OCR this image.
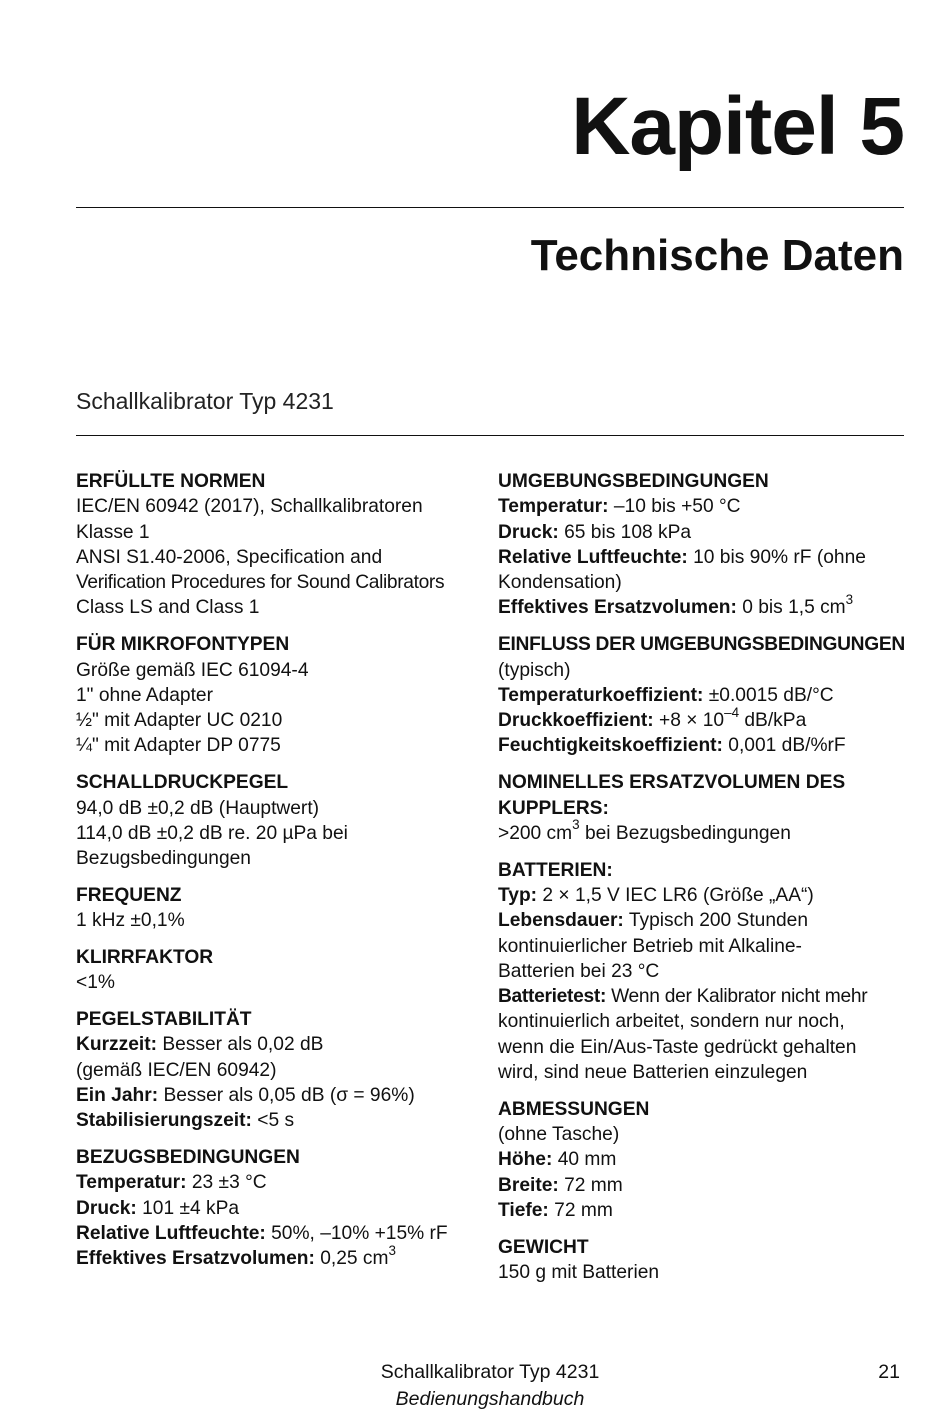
Kapitel 5
Technische Daten
Schallkalibrator Typ 4231
ERFÜLLTE NORMEN
IEC/EN 60942 (2017), Schallkalibratoren
Klasse 1
ANSI S1.40-2006, Specification and
Verification Procedures for Sound Calibrators
Class LS and Class 1
FÜR MIKROFONTYPEN
Größe gemäß IEC 61094-4
1" ohne Adapter
½" mit Adapter UC 0210
¼" mit Adapter DP 0775
SCHALLDRUCKPEGEL
94,0 dB ±0,2 dB (Hauptwert)
114,0 dB ±0,2 dB re. 20 µPa bei
Bezugsbedingungen
FREQUENZ
1 kHz ±0,1%
KLIRRFAKTOR
<1%
PEGELSTABILITÄT
Kurzzeit: Besser als 0,02 dB
(gemäß IEC/EN 60942)
Ein Jahr: Besser als 0,05 dB (σ = 96%)
Stabilisierungszeit: <5 s
BEZUGSBEDINGUNGEN
Temperatur: 23 ±3 °C
Druck: 101 ±4 kPa
Relative Luftfeuchte: 50%, –10% +15% rF
Effektives Ersatzvolumen: 0,25 $cm^3$
UMGEBUNGSBEDINGUNGEN
Temperatur: –10 bis +50 °C
Druck: 65 bis 108 kPa
Relative Luftfeuchte: 10 bis 90% rF (ohne
Kondensation)
Effektives Ersatzvolumen: 0 bis 1,5 $cm^3$
EINFLUSS DER UMGEBUNGSBEDINGUNGEN
(typisch)
Temperaturkoeffizient: ±0.0015 dB/°C
Druckkoeffizient: $+8 \times 10^{-4}$ dB/kPa
Feuchtigkeitskoeffizient: 0,001 dB/%rF
NOMINELLES ERSATZVOLUMEN DES
KUPPLERS:
>200 $cm^3$ bei Bezugsbedingungen
BATTERIEN:
Typ: 2 × 1,5 V IEC LR6 (Größe „AA“)
Lebensdauer: Typisch 200 Stunden
kontinuierlicher Betrieb mit Alkaline-
Batterien bei 23 °C
Batterietest: Wenn der Kalibrator nicht mehr
kontinuierlich arbeitet, sondern nur noch,
wenn die Ein/Aus-Taste gedrückt gehalten
wird, sind neue Batterien einzulegen
ABMESSUNGEN
(ohne Tasche)
Höhe: 40 mm
Breite: 72 mm
Tiefe: 72 mm
GEWICHT
150 g mit Batterien
Schallkalibrator Typ 4231
Bedienungshandbuch
21
